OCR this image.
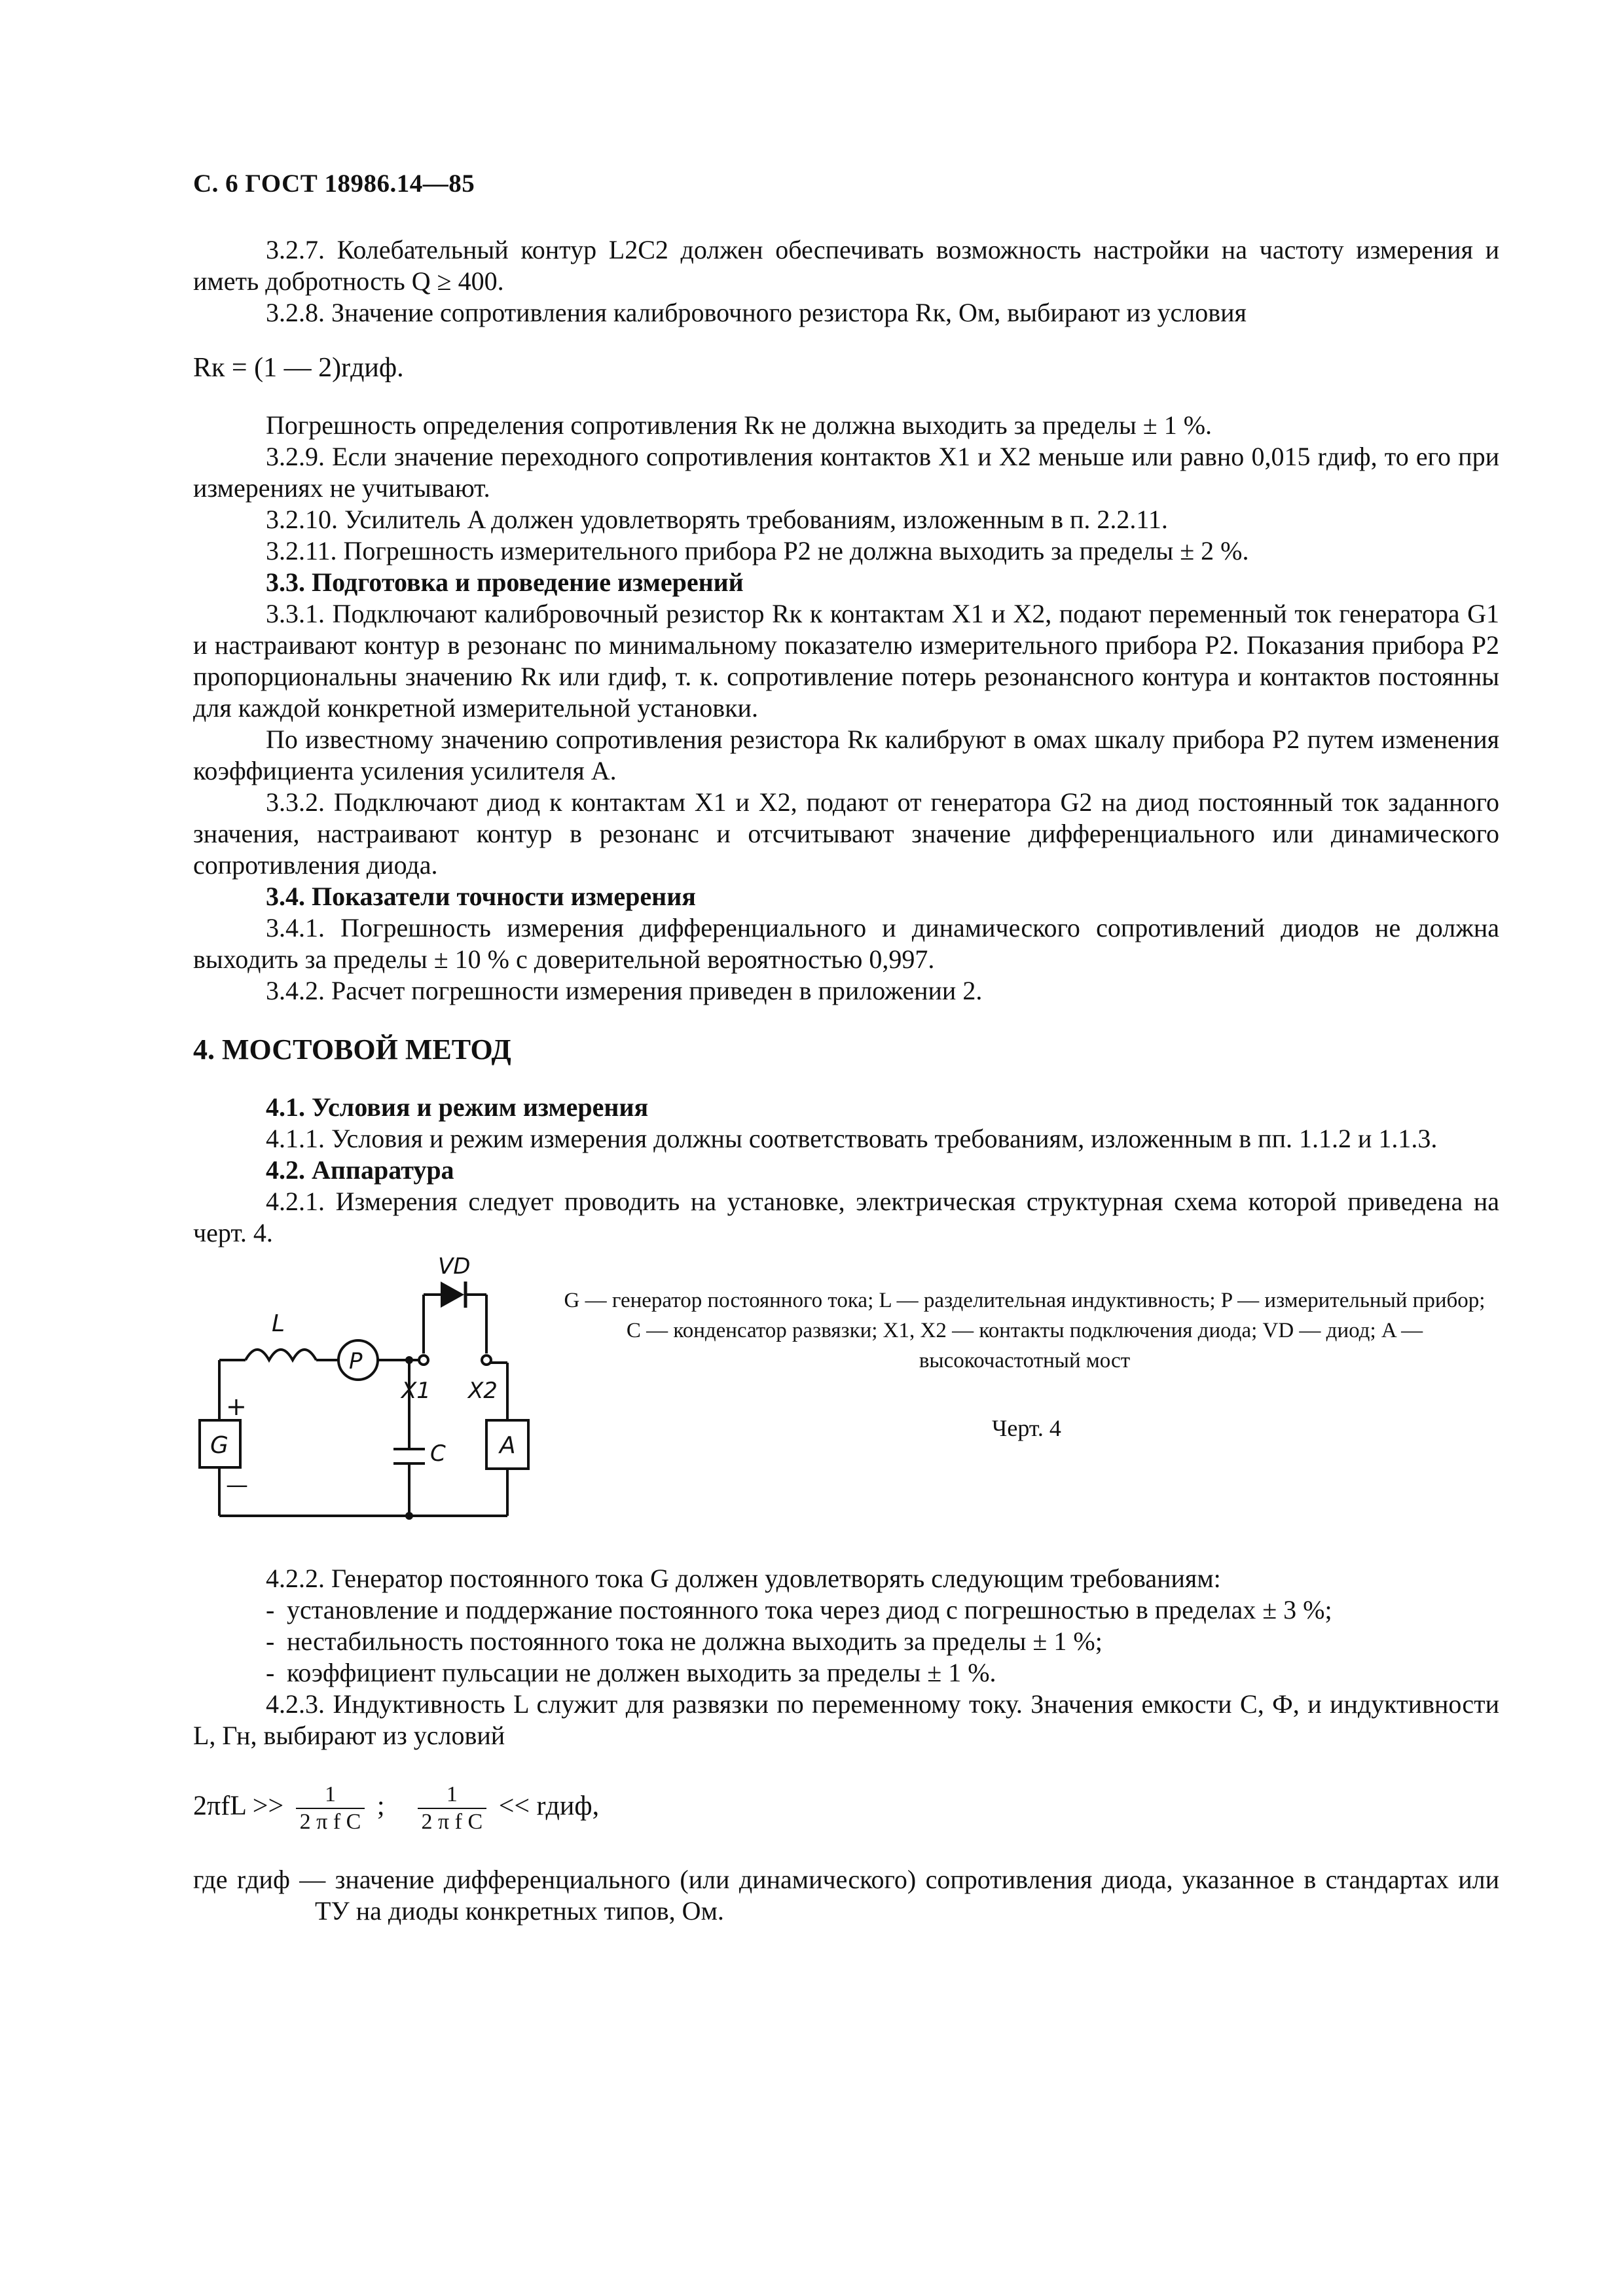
С. 6 ГОСТ 18986.14—85

3.2.7. Колебательный контур L2C2 должен обеспечивать возможность настройки на частоту измерения и иметь добротность Q ≥ 400.

3.2.8. Значение сопротивления калибровочного резистора Rк, Ом, выбирают из условия

Rк = (1 — 2)rдиф.

Погрешность определения сопротивления Rк не должна выходить за пределы ± 1 %.

3.2.9. Если значение переходного сопротивления контактов X1 и X2 меньше или равно 0,015 rдиф, то его при измерениях не учитывают.

3.2.10. Усилитель A должен удовлетворять требованиям, изложенным в п. 2.2.11.

3.2.11. Погрешность измерительного прибора P2 не должна выходить за пределы ± 2 %.

3.3. Подготовка и проведение измерений

3.3.1. Подключают калибровочный резистор Rк к контактам X1 и X2, подают переменный ток генератора G1 и настраивают контур в резонанс по минимальному показателю измерительного прибора P2. Показания прибора P2 пропорциональны значению Rк или rдиф, т. к. сопротивление потерь резонансного контура и контактов постоянны для каждой конкретной измерительной установки.

По известному значению сопротивления резистора Rк калибруют в омах шкалу прибора P2 путем изменения коэффициента усиления усилителя A.

3.3.2. Подключают диод к контактам X1 и X2, подают от генератора G2 на диод постоянный ток заданного значения, настраивают контур в резонанс и отсчитывают значение дифференциального или динамического сопротивления диода.

3.4. Показатели точности измерения

3.4.1. Погрешность измерения дифференциального и динамического сопротивлений диодов не должна выходить за пределы ± 10 % с доверительной вероятностью 0,997.

3.4.2. Расчет погрешности измерения приведен в приложении 2.

4. МОСТОВОЙ МЕТОД

4.1. Условия и режим измерения

4.1.1. Условия и режим измерения должны соответствовать требованиям, изложенным в пп. 1.1.2 и 1.1.3.

4.2. Аппаратура

4.2.1. Измерения следует проводить на установке, электрическая структурная схема которой приведена на черт. 4.

VD
L
P
X1 X2
C A
G
+
—
G — генератор постоянного тока; L — разделительная индуктивность; P — измерительный прибор; C — конденсатор развязки; X1, X2 — контакты подключения диода; VD — диод; A — высокочастотный мост
Черт. 4

4.2.2. Генератор постоянного тока G должен удовлетворять следующим требованиям:

- установление и поддержание постоянного тока через диод с погрешностью в пределах ± 3 %;

- нестабильность постоянного тока не должна выходить за пределы ± 1 %;

- коэффициент пульсации не должен выходить за пределы ± 1 %.

4.2.3. Индуктивность L служит для развязки по переменному току. Значения емкости C, Ф, и индуктивности L, Гн, выбирают из условий

$2\pi fL >> \frac{1}{\text{2 π f C}}$ ; $\frac{1}{\text{2 π f C}}$ << rдиф,

где rдиф — значение дифференциального (или динамического) сопротивления диода, указанное в стандартах или ТУ на диоды конкретных типов, Ом.
